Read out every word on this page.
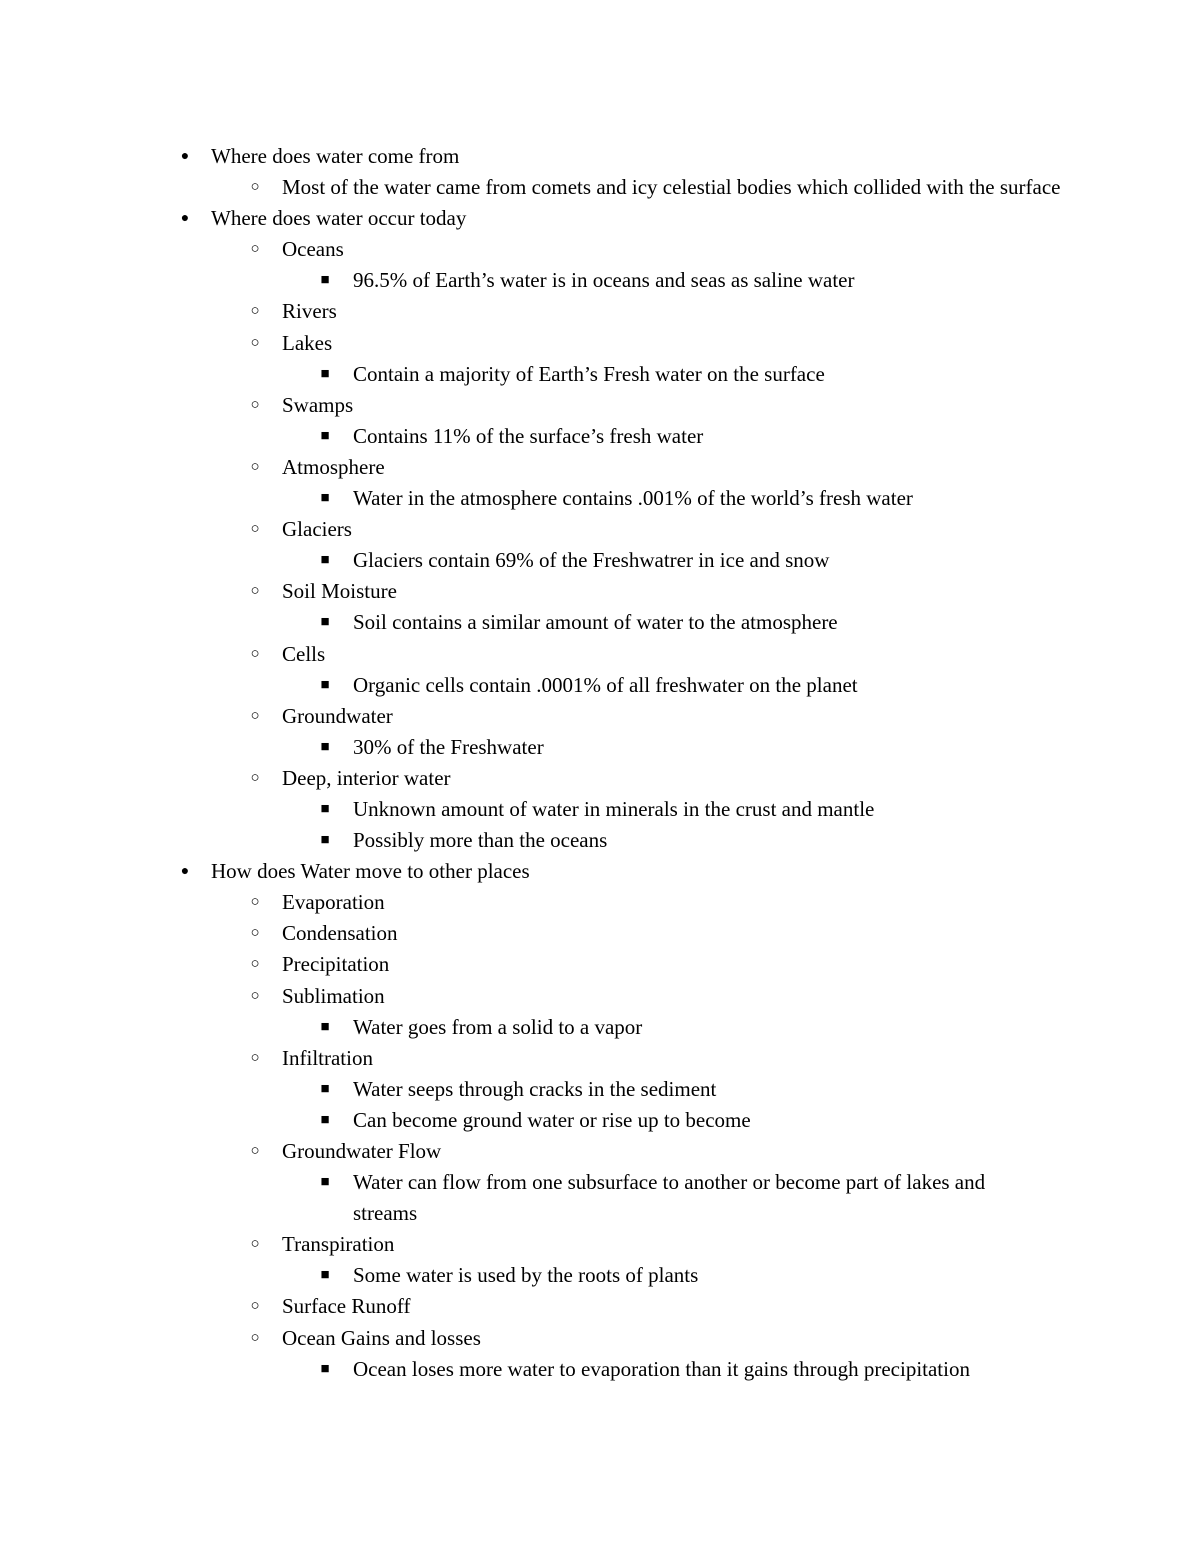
● Where does water come from
○ Most of the water came from comets and icy celestial bodies which collided with the surface
● Where does water occur today
○ Oceans
■ 96.5% of Earth’s water is in oceans and seas as saline water
○ Rivers
○ Lakes
■ Contain a majority of Earth’s Fresh water on the surface
○ Swamps
■ Contains 11% of the surface’s fresh water
○ Atmosphere
■ Water in the atmosphere contains .001% of the world’s fresh water
○ Glaciers
■ Glaciers contain 69% of the Freshwatrer in ice and snow
○ Soil Moisture
■ Soil contains a similar amount of water to the atmosphere
○ Cells
■ Organic cells contain .0001% of all freshwater on the planet
○ Groundwater
■ 30% of the Freshwater
○ Deep, interior water
■ Unknown amount of water in minerals in the crust and mantle
■ Possibly more than the oceans
● How does Water move to other places
○ Evaporation
○ Condensation
○ Precipitation
○ Sublimation
■ Water goes from a solid to a vapor
○ Infiltration
■ Water seeps through cracks in the sediment
■ Can become ground water or rise up to become
○ Groundwater Flow
■ Water can flow from one subsurface to another or become part of lakes and streams
○ Transpiration
■ Some water is used by the roots of plants
○ Surface Runoff
○ Ocean Gains and losses
■ Ocean loses more water to evaporation than it gains through precipitation
